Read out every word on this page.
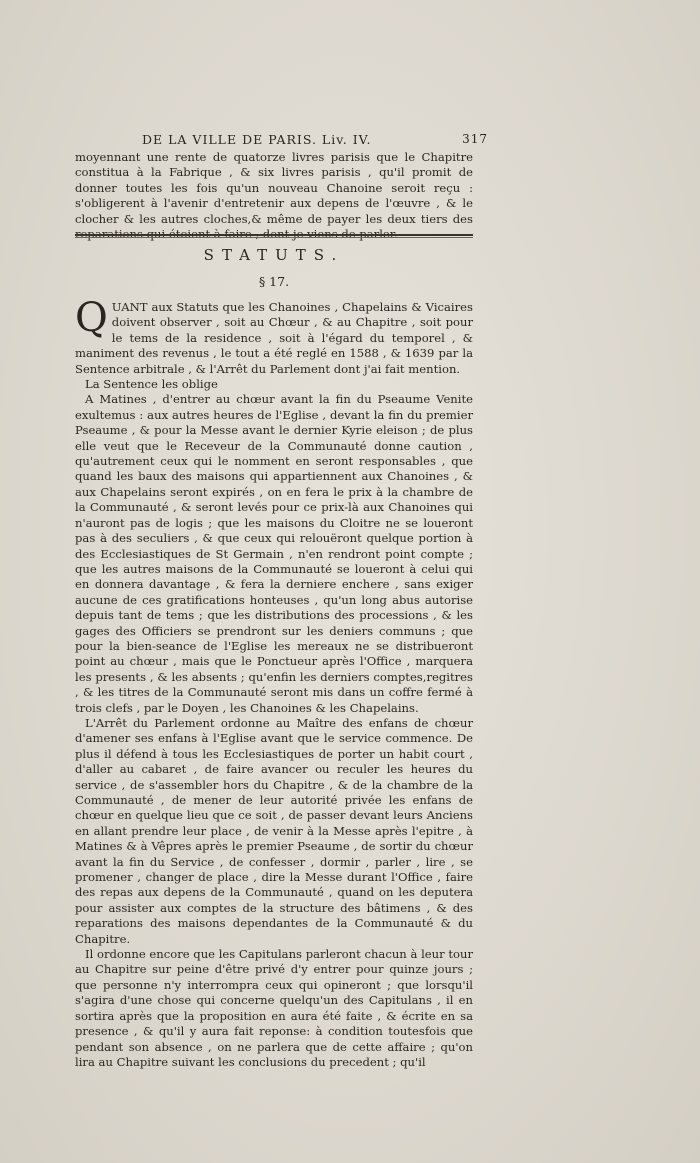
DE LA VILLE DE PARIS. Liv. IV.	317

moyennant une rente de quatorze livres parisis que le Chapitre constitua à la Fabrique , & six livres parisis , qu'il promit de donner toutes les fois qu'un nouveau Chanoine seroit reçu : s'obligerent à l'avenir d'entretenir aux depens de l'œuvre , & le clocher & les autres cloches,& même de payer les deux tiers des

STATUTS.
§ 17.

QUANT aux Statuts que les Chanoines , Chapelains & Vicaires doivent observer , soit au Chœur , & au Chapitre , soit pour le tems de la residence , soit à l'égard du temporel , & maniment des revenus , le tout a été reglé en 1588 , & 1639 par la Sentence arbitrale , & l'Arrêt du Parlement dont j'ai fait mention.

La Sentence les oblige

A Matines , d'entrer au chœur avant la fin du Pseaume Venite exultemus : aux autres heures de l'Eglise , devant la fin du premier Pseaume , & pour la Messe avant le dernier Kyrie eleison ; de plus elle veut que le Receveur de la Communauté donne caution , qu'autrement ceux qui le nomment en seront responsables , que quand les baux des maisons qui appartiennent aux Chanoines , & aux Chapelains seront expirés , on en fera le prix à la chambre de la Communauté , & seront levés pour ce prix-là aux Chanoines qui n'auront pas de logis ; que les maisons du Cloitre ne se loueront pas à des seculiers , & que ceux qui relouëront quelque portion à des Ecclesiastiques de St Germain , n'en rendront point compte ; que les autres maisons de la Communauté se loueront à celui qui en donnera davantage , & fera la derniere enchere , sans exiger aucune de ces gratifications honteuses , qu'un long abus autorise depuis tant de tems ; que les distributions des processions , & les gages des Officiers se prendront sur les deniers communs ; que pour la bien-seance de l'Eglise les mereaux ne se distribueront point au chœur , mais que le Ponctueur après l'Office , marquera les presents , & les absents ; qu'enfin les derniers comptes,regitres , & les titres de la Communauté seront mis dans un coffre fermé à trois clefs , par le Doyen , les Chanoines & les Chapelains.

L'Arrêt du Parlement ordonne au Maître des enfans de chœur d'amener ses enfans à l'Eglise avant que le service commence. De plus il défend à tous les Ecclesiastiques de porter un habit court , d'aller au cabaret , de faire avancer ou reculer les heures du service , de s'assembler hors du Chapitre , & de la chambre de la Communauté , de mener de leur autorité privée les enfans de chœur en quelque lieu que ce soit , de passer devant leurs Anciens en allant prendre leur place , de venir à la Messe après l'epitre , à Matines & à Vêpres après le premier Pseaume , de sortir du chœur avant la fin du Service , de confesser , dormir , parler , lire , se promener , changer de place , dire la Messe durant l'Office , faire des repas aux depens de la Communauté , quand on les deputera pour assister aux comptes de la structure des bâtimens , & des reparations des maisons dependantes de la Communauté & du Chapitre.

Il ordonne encore que les Capitulans parleront chacun à leur tour au Chapitre sur peine d'être privé d'y entrer pour quinze jours ; que personne n'y interrompra ceux qui opineront ; que lorsqu'il s'agira d'une chose qui concerne quelqu'un des Capitulans , il en sortira après que la proposition en aura été faite , & écrite en sa presence , & qu'il y aura fait reponse: à condition toutesfois que pendant son absence , on ne parlera que de cette affaire ; qu'on lira au Chapitre suivant les conclusions du precedent ; qu'il
